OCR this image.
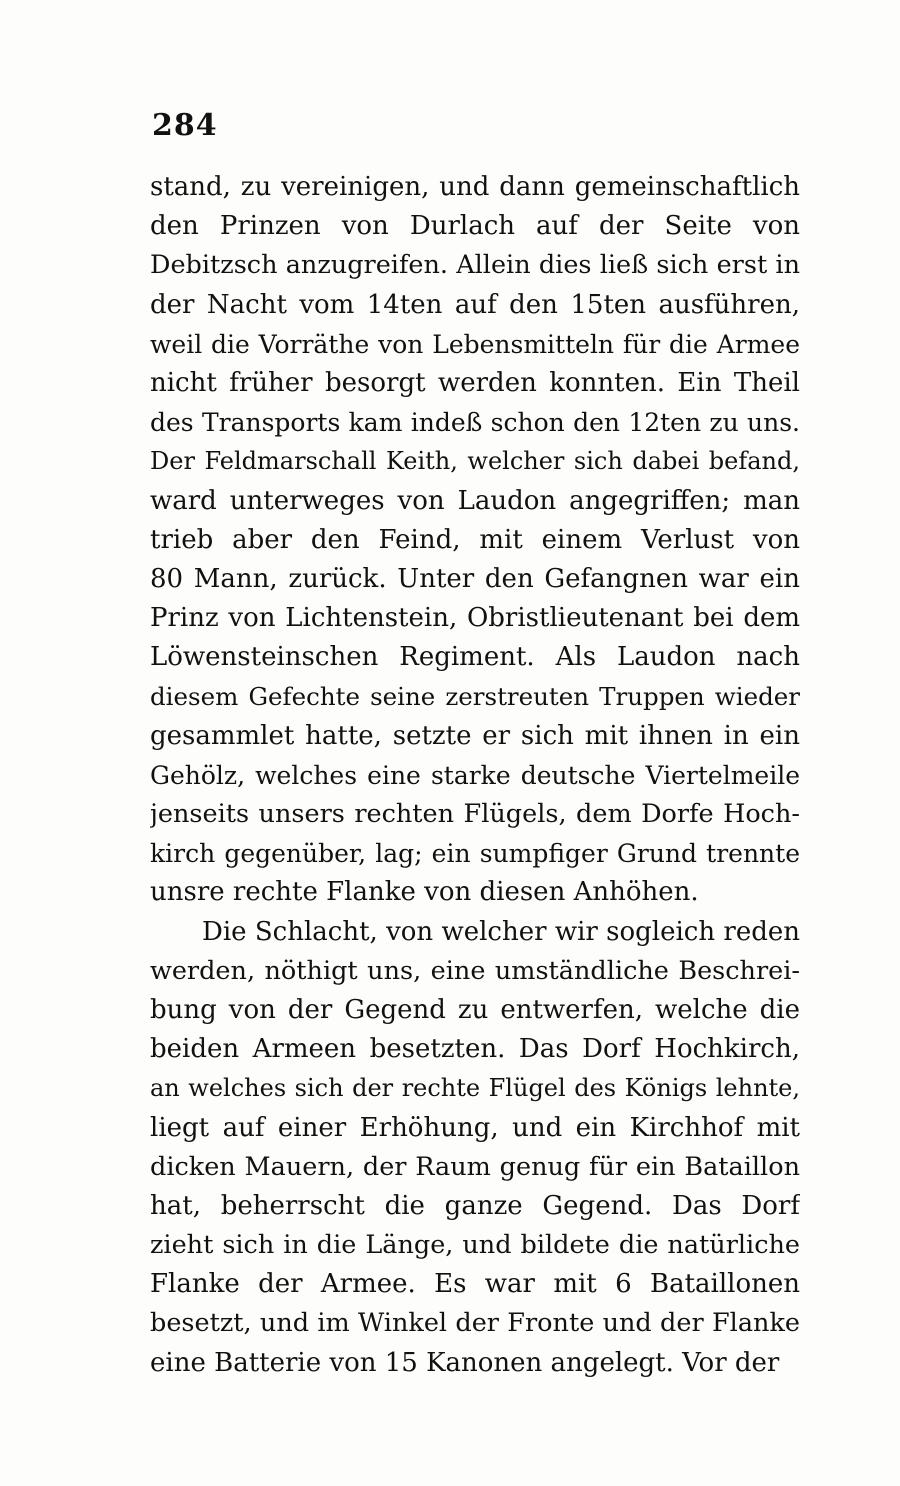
284
stand, zu vereinigen, und dann gemeinschaftlich
den Prinzen von Durlach auf der Seite von
Debitzsch anzugreifen. Allein dies ließ sich erst in
der Nacht vom 14ten auf den 15ten ausführen,
weil die Vorräthe von Lebensmitteln für die Armee
nicht früher besorgt werden konnten. Ein Theil
des Transports kam indeß schon den 12ten zu uns.
Der Feldmarschall Keith, welcher sich dabei befand,
ward unterweges von Laudon angegriffen; man
trieb aber den Feind, mit einem Verlust von
80 Mann, zurück. Unter den Gefangnen war ein
Prinz von Lichtenstein, Obristlieutenant bei dem
Löwensteinschen Regiment. Als Laudon nach
diesem Gefechte seine zerstreuten Truppen wieder
gesammlet hatte, setzte er sich mit ihnen in ein
Gehölz, welches eine starke deutsche Viertelmeile
jenseits unsers rechten Flügels, dem Dorfe Hoch-
kirch gegenüber, lag; ein sumpfiger Grund trennte
unsre rechte Flanke von diesen Anhöhen.
Die Schlacht, von welcher wir sogleich reden
werden, nöthigt uns, eine umständliche Beschrei-
bung von der Gegend zu entwerfen, welche die
beiden Armeen besetzten. Das Dorf Hochkirch,
an welches sich der rechte Flügel des Königs lehnte,
liegt auf einer Erhöhung, und ein Kirchhof mit
dicken Mauern, der Raum genug für ein Bataillon
hat, beherrscht die ganze Gegend. Das Dorf
zieht sich in die Länge, und bildete die natürliche
Flanke der Armee. Es war mit 6 Bataillonen
besetzt, und im Winkel der Fronte und der Flanke
eine Batterie von 15 Kanonen angelegt. Vor der
